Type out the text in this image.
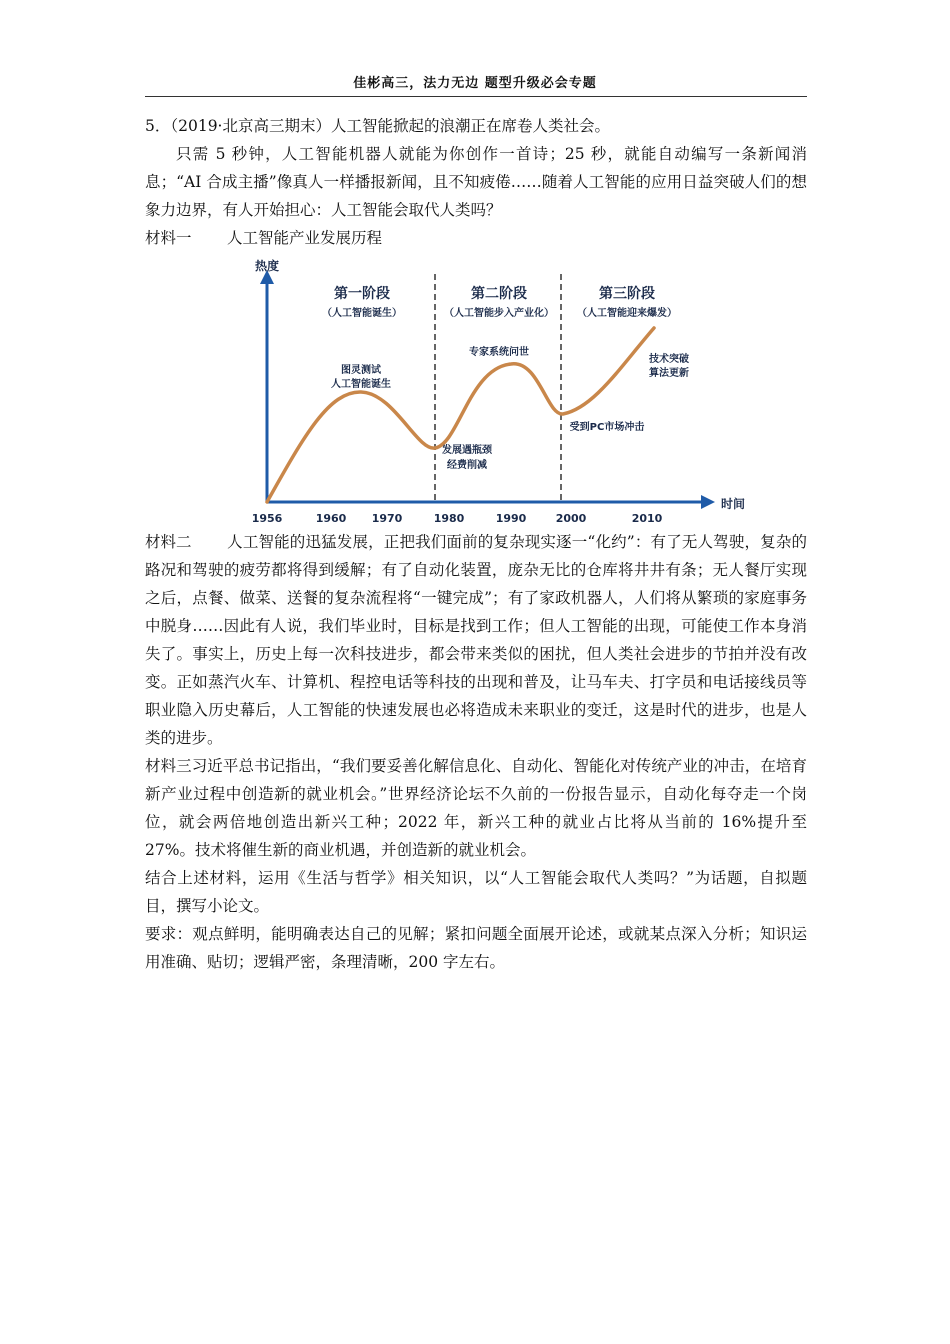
佳彬高三，法力无边 题型升级必会专题

5．（2019·北京高三期末）人工智能掀起的浪潮正在席卷人类社会。

只需 5 秒钟，人工智能机器人就能为你创作一首诗；25 秒，就能自动编写一条新闻消息；“AI 合成主播”像真人一样播报新闻，且不知疲倦……随着人工智能的应用日益突破人们的想象力边界，有人开始担心：人工智能会取代人类吗？

材料一 人工智能产业发展历程

热度
时间
第一阶段
（人工智能诞生）
第二阶段
（人工智能步入产业化）
第三阶段
（人工智能迎来爆发）
图灵测试
人工智能诞生
发展遇瓶颈
经费削减
专家系统问世
受到PC市场冲击
技术突破
算法更新
1956	1960 1970	1980	1990	2000	2010

材料二 人工智能的迅猛发展，正把我们面前的复杂现实逐一“化约”：有了无人驾驶，复杂的路况和驾驶的疲劳都将得到缓解；有了自动化装置，庞杂无比的仓库将井井有条；无人餐厅实现之后，点餐、做菜、送餐的复杂流程将“一键完成”；有了家政机器人，人们将从繁琐的家庭事务中脱身……因此有人说，我们毕业时，目标是找到工作；但人工智能的出现，可能使工作本身消失了。事实上，历史上每一次科技进步，都会带来类似的困扰，但人类社会进步的节拍并没有改变。正如蒸汽火车、计算机、程控电话等科技的出现和普及，让马车夫、打字员和电话接线员等职业隐入历史幕后，人工智能的快速发展也必将造成未来职业的变迁，这是时代的进步，也是人类的进步。

材料三习近平总书记指出，“我们要妥善化解信息化、自动化、智能化对传统产业的冲击，在培育新产业过程中创造新的就业机会。”世界经济论坛不久前的一份报告显示，自动化每夺走一个岗位，就会两倍地创造出新兴工种；2022 年，新兴工种的就业占比将从当前的 16%提升至 27%。技术将催生新的商业机遇，并创造新的就业机会。

结合上述材料，运用《生活与哲学》相关知识，以“人工智能会取代人类吗？”为话题，自拟题目，撰写小论文。

要求：观点鲜明，能明确表达自己的见解；紧扣问题全面展开论述，或就某点深入分析；知识运用准确、贴切；逻辑严密，条理清晰，200 字左右。
